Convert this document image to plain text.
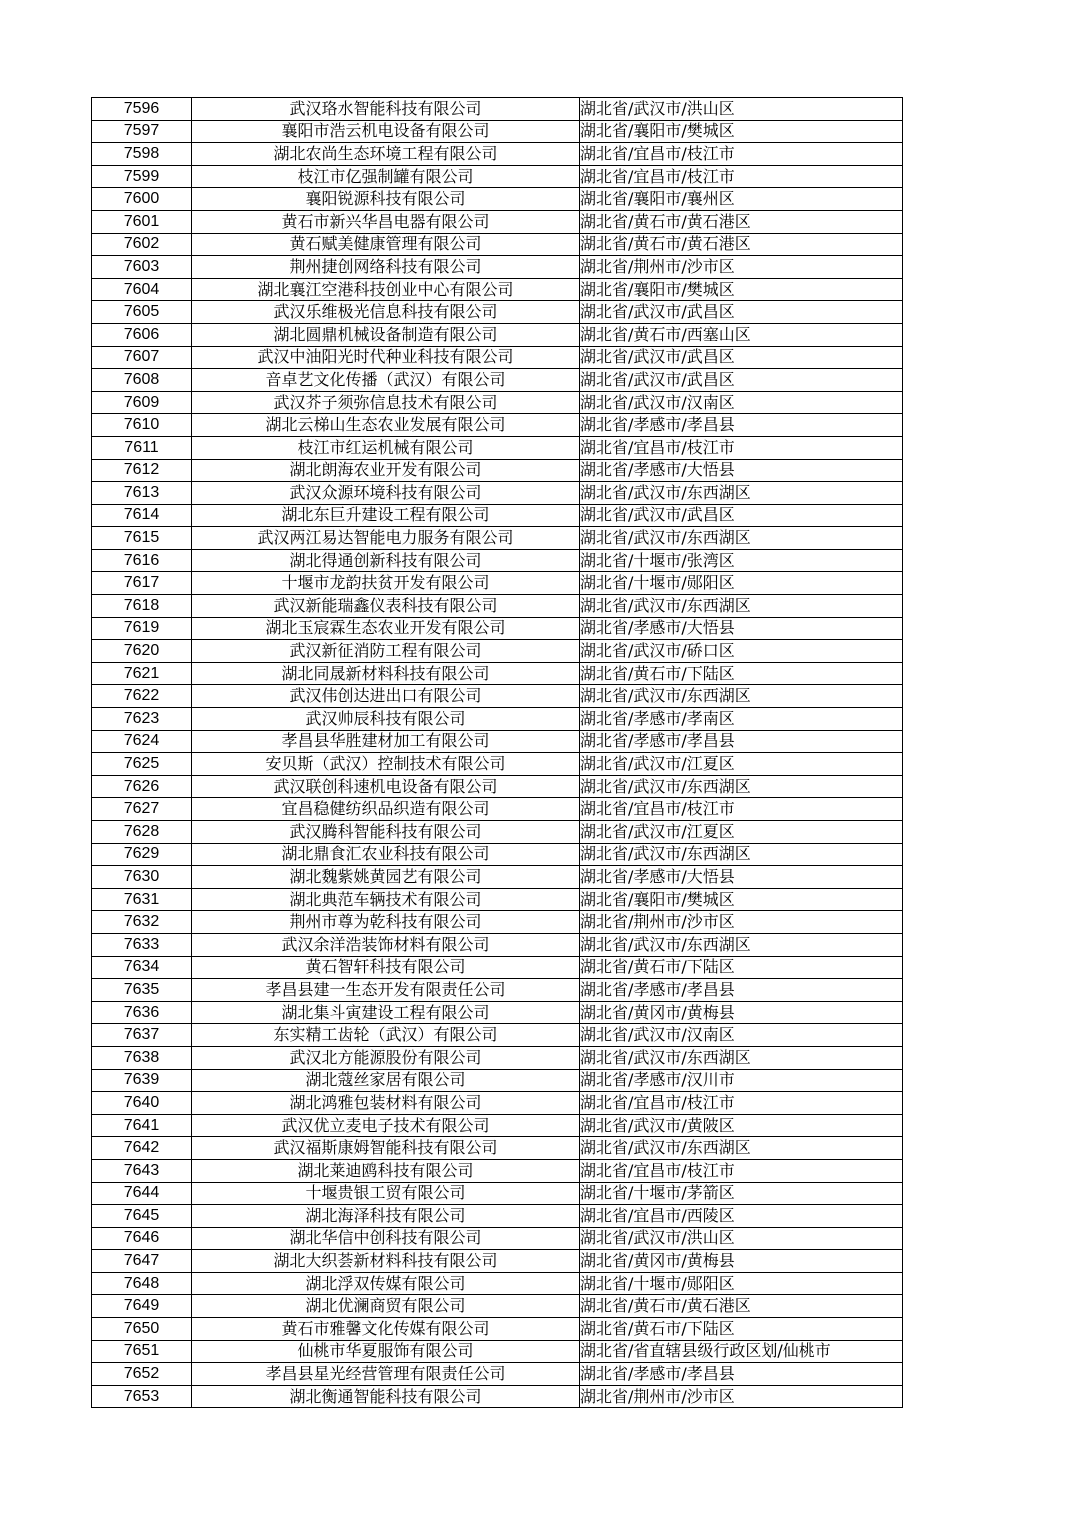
7596	武汉珞水智能科技有限公司	湖北省/武汉市/洪山区
7597	襄阳市浩云机电设备有限公司	湖北省/襄阳市/樊城区
7598	湖北农尚生态环境工程有限公司	湖北省/宜昌市/枝江市
7599	枝江市亿强制罐有限公司	湖北省/宜昌市/枝江市
7600	襄阳锐源科技有限公司	湖北省/襄阳市/襄州区
7601	黄石市新兴华昌电器有限公司	湖北省/黄石市/黄石港区
7602	黄石赋美健康管理有限公司	湖北省/黄石市/黄石港区
7603	荆州捷创网络科技有限公司	湖北省/荆州市/沙市区
7604	湖北襄江空港科技创业中心有限公司	湖北省/襄阳市/樊城区
7605	武汉乐维极光信息科技有限公司	湖北省/武汉市/武昌区
7606	湖北圆鼎机械设备制造有限公司	湖北省/黄石市/西塞山区
7607	武汉中油阳光时代种业科技有限公司	湖北省/武汉市/武昌区
7608	音卓艺文化传播（武汉）有限公司	湖北省/武汉市/武昌区
7609	武汉芥子须弥信息技术有限公司	湖北省/武汉市/汉南区
7610	湖北云梯山生态农业发展有限公司	湖北省/孝感市/孝昌县
7611	枝江市红运机械有限公司	湖北省/宜昌市/枝江市
7612	湖北朗海农业开发有限公司	湖北省/孝感市/大悟县
7613	武汉众源环境科技有限公司	湖北省/武汉市/东西湖区
7614	湖北东巨升建设工程有限公司	湖北省/武汉市/武昌区
7615	武汉两江易达智能电力服务有限公司	湖北省/武汉市/东西湖区
7616	湖北得通创新科技有限公司	湖北省/十堰市/张湾区
7617	十堰市龙韵扶贫开发有限公司	湖北省/十堰市/郧阳区
7618	武汉新能瑞鑫仪表科技有限公司	湖北省/武汉市/东西湖区
7619	湖北玉宸霖生态农业开发有限公司	湖北省/孝感市/大悟县
7620	武汉新征消防工程有限公司	湖北省/武汉市/硚口区
7621	湖北同晟新材料科技有限公司	湖北省/黄石市/下陆区
7622	武汉伟创达进出口有限公司	湖北省/武汉市/东西湖区
7623	武汉帅辰科技有限公司	湖北省/孝感市/孝南区
7624	孝昌县华胜建材加工有限公司	湖北省/孝感市/孝昌县
7625	安贝斯（武汉）控制技术有限公司	湖北省/武汉市/江夏区
7626	武汉联创科速机电设备有限公司	湖北省/武汉市/东西湖区
7627	宜昌稳健纺织品织造有限公司	湖北省/宜昌市/枝江市
7628	武汉腾科智能科技有限公司	湖北省/武汉市/江夏区
7629	湖北鼎食汇农业科技有限公司	湖北省/武汉市/东西湖区
7630	湖北魏紫姚黄园艺有限公司	湖北省/孝感市/大悟县
7631	湖北典范车辆技术有限公司	湖北省/襄阳市/樊城区
7632	荆州市尊为乾科技有限公司	湖北省/荆州市/沙市区
7633	武汉余洋浩装饰材料有限公司	湖北省/武汉市/东西湖区
7634	黄石智轩科技有限公司	湖北省/黄石市/下陆区
7635	孝昌县建一生态开发有限责任公司	湖北省/孝感市/孝昌县
7636	湖北集斗寅建设工程有限公司	湖北省/黄冈市/黄梅县
7637	东实精工齿轮（武汉）有限公司	湖北省/武汉市/汉南区
7638	武汉北方能源股份有限公司	湖北省/武汉市/东西湖区
7639	湖北蔻丝家居有限公司	湖北省/孝感市/汉川市
7640	湖北鸿雅包装材料有限公司	湖北省/宜昌市/枝江市
7641	武汉优立麦电子技术有限公司	湖北省/武汉市/黄陂区
7642	武汉福斯康姆智能科技有限公司	湖北省/武汉市/东西湖区
7643	湖北莱迪鸥科技有限公司	湖北省/宜昌市/枝江市
7644	十堰贵银工贸有限公司	湖北省/十堰市/茅箭区
7645	湖北海泽科技有限公司	湖北省/宜昌市/西陵区
7646	湖北华信中创科技有限公司	湖北省/武汉市/洪山区
7647	湖北大织荟新材料科技有限公司	湖北省/黄冈市/黄梅县
7648	湖北浮双传媒有限公司	湖北省/十堰市/郧阳区
7649	湖北优澜商贸有限公司	湖北省/黄石市/黄石港区
7650	黄石市雅馨文化传媒有限公司	湖北省/黄石市/下陆区
7651	仙桃市华夏服饰有限公司	湖北省/省直辖县级行政区划/仙桃市
7652	孝昌县星光经营管理有限责任公司	湖北省/孝感市/孝昌县
7653	湖北衡通智能科技有限公司	湖北省/荆州市/沙市区
